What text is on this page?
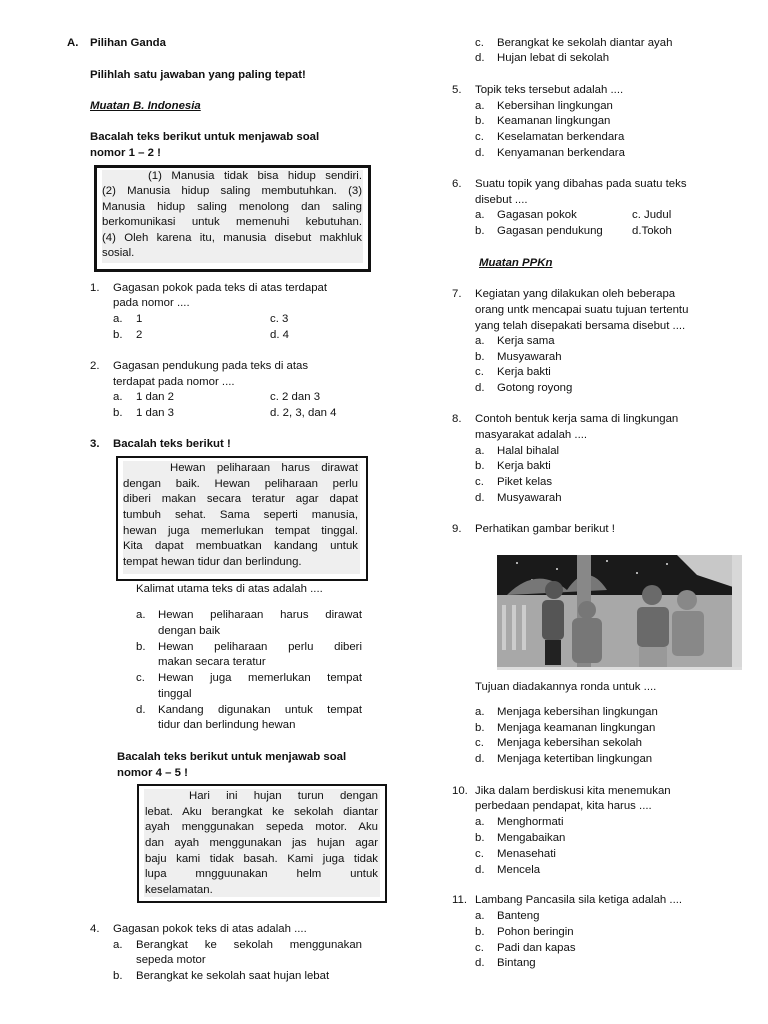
A. Pilihan Ganda
Pilihlah satu jawaban yang paling tepat!
Muatan B. Indonesia
Bacalah teks berikut untuk menjawab soal
nomor 1 – 2 !
(1) Manusia tidak bisa hidup sendiri.
(2) Manusia hidup saling membutuhkan. (3)
Manusia hidup saling menolong dan saling
berkomunikasi untuk memenuhi kebutuhan.
(4) Oleh karena itu, manusia disebut makhluk
sosial.
1. Gagasan pokok pada teks di atas terdapat
pada nomor ....
a. 1	c. 3
b. 2	d. 4
2. Gagasan pendukung pada teks di atas
terdapat pada nomor ....
a. 1 dan 2	c. 2 dan 3
b. 1 dan 3	d. 2, 3, dan 4
3. Bacalah teks berikut !
Hewan peliharaan harus dirawat
dengan baik. Hewan peliharaan perlu
diberi makan secara teratur agar dapat
tumbuh sehat. Sama seperti manusia,
hewan juga memerlukan tempat tinggal.
Kita dapat membuatkan kandang untuk
tempat hewan tidur dan berlindung.
Kalimat utama teks di atas adalah ....
a. Hewan peliharaan harus dirawat
dengan baik
b. Hewan peliharaan perlu diberi
makan secara teratur
c. Hewan juga memerlukan tempat
tinggal
d. Kandang digunakan untuk tempat
tidur dan berlindung hewan
Bacalah teks berikut untuk menjawab soal
nomor 4 – 5 !
Hari ini hujan turun dengan
lebat. Aku berangkat ke sekolah diantar
ayah menggunakan sepeda motor. Aku
dan ayah menggunakan jas hujan agar
baju kami tidak basah. Kami juga tidak
lupa mngguunakan helm untuk
keselamatan.
4. Gagasan pokok teks di atas adalah ....
a. Berangkat ke sekolah menggunakan
sepeda motor
b. Berangkat ke sekolah saat hujan lebat
c. Berangkat ke sekolah diantar ayah
d. Hujan lebat di sekolah
5. Topik teks tersebut adalah ....
a. Kebersihan lingkungan
b. Keamanan lingkungan
c. Keselamatan berkendara
d. Kenyamanan berkendara
6. Suatu topik yang dibahas pada suatu teks
disebut ....
a. Gagasan pokok	c. Judul
b. Gagasan pendukung	d.Tokoh
Muatan PPKn
7. Kegiatan yang dilakukan oleh beberapa
orang untk mencapai suatu tujuan tertentu
yang telah disepakati bersama disebut ....
a. Kerja sama
b. Musyawarah
c. Kerja bakti
d. Gotong royong
8. Contoh bentuk kerja sama di lingkungan
masyarakat adalah ....
a. Halal bihalal
b. Kerja bakti
c. Piket kelas
d. Musyawarah
9. Perhatikan gambar berikut !
Tujuan diadakannya ronda untuk ....
a. Menjaga kebersihan lingkungan
b. Menjaga keamanan lingkungan
c. Menjaga kebersihan sekolah
d. Menjaga ketertiban lingkungan
10. Jika dalam berdiskusi kita menemukan
perbedaan pendapat, kita harus ....
a. Menghormati
b. Mengabaikan
c. Menasehati
d. Mencela
11. Lambang Pancasila sila ketiga adalah ....
a. Banteng
b. Pohon beringin
c. Padi dan kapas
d. Bintang
